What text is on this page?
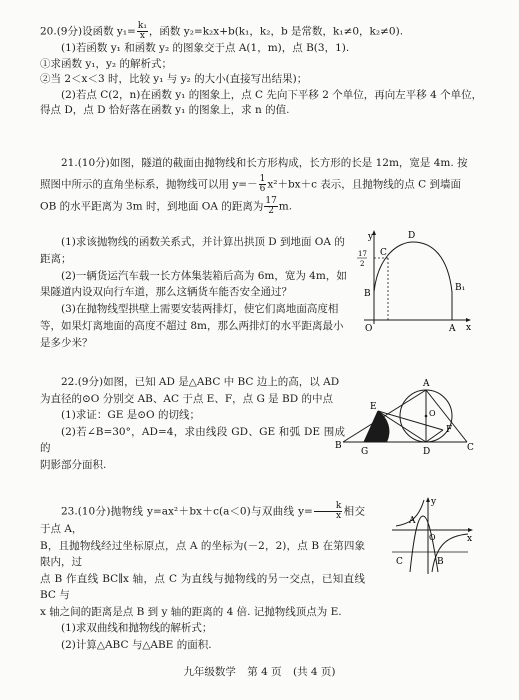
20.(9分)设函数 $y_1= \frac{\text{k₁}}{x}$ ，函数 y₂=k₂x+b(k₁，k₂，b 是常数，k₁≠0，k₂≠0).

(1)若函数 y₁ 和函数 y₂ 的图象交于点 A(1，m)，点 B(3，1).

①求函数 y₁，y₂ 的解析式；

②当 2＜x＜3 时，比较 y₁ 与 y₂ 的大小(直接写出结果)；

(2)若点 C(2，n)在函数 y₁ 的图象上，点 C 先向下平移 2 个单位，再向左平移 4 个单位，

得点 D，点 D 恰好落在函数 y₁ 的图象上，求 n 的值.

21.(10分)如图，隧道的截面由抛物线和长方形构成，长方形的长是 12m，宽是 4m. 按

照图中所示的直角坐标系，抛物线可以用 $y=- \frac{1}{6} x^2+bx+c$ 表示，且抛物线的点 C 到墙面

OB 的水平距离为 3m 时，到地面 OA 的距离为 $\frac{17}{2} m$.

(1)求该抛物线的函数关系式，并计算出拱顶 D 到地面 OA 的

距离；

(2)一辆货运汽车载一长方体集装箱后高为 6m，宽为 4m，如

果隧道内设双向行车道，那么这辆货车能否安全通过？

(3)在抛物线型拱壁上需要安装两排灯，使它们离地面高度相

等，如果灯离地面的高度不超过 8m，那么两排灯的水平距离最小

是多少米？

y
x
O	A
B
B₁
C
D
17
2

22.(9分)如图，已知 AD 是△ABC 中 BC 边上的高，以 AD

为直径的⊙O 分别交 AB、AC 于点 E、F，点 G 是 BD 的中点

(1)求证：GE 是⊙O 的切线；

(2)若∠B=30°，AD=4，求由线段 GD、GE 和弧 DE 围成的

阴影部分面积.

A
B	C
D
E
F
G
O

23.(10分)抛物线 y=ax²＋bx＋c(a＜0)与双曲线 $y= \frac{k}{x}$ 相交于点 A，

B，且抛物线经过坐标原点，点 A 的坐标为(－2，2)，点 B 在第四象限内，过

点 B 作直线 BC∥x 轴，点 C 为直线与抛物线的另一交点，已知直线 BC 与

x 轴之间的距离是点 B 到 y 轴的距离的 4 倍. 记抛物线顶点为 E.

(1)求双曲线和抛物线的解析式；

(2)计算△ABC 与△ABE 的面积.

y
x
A
B
C
O
九年级数学 第 4 页 (共 4 页)
